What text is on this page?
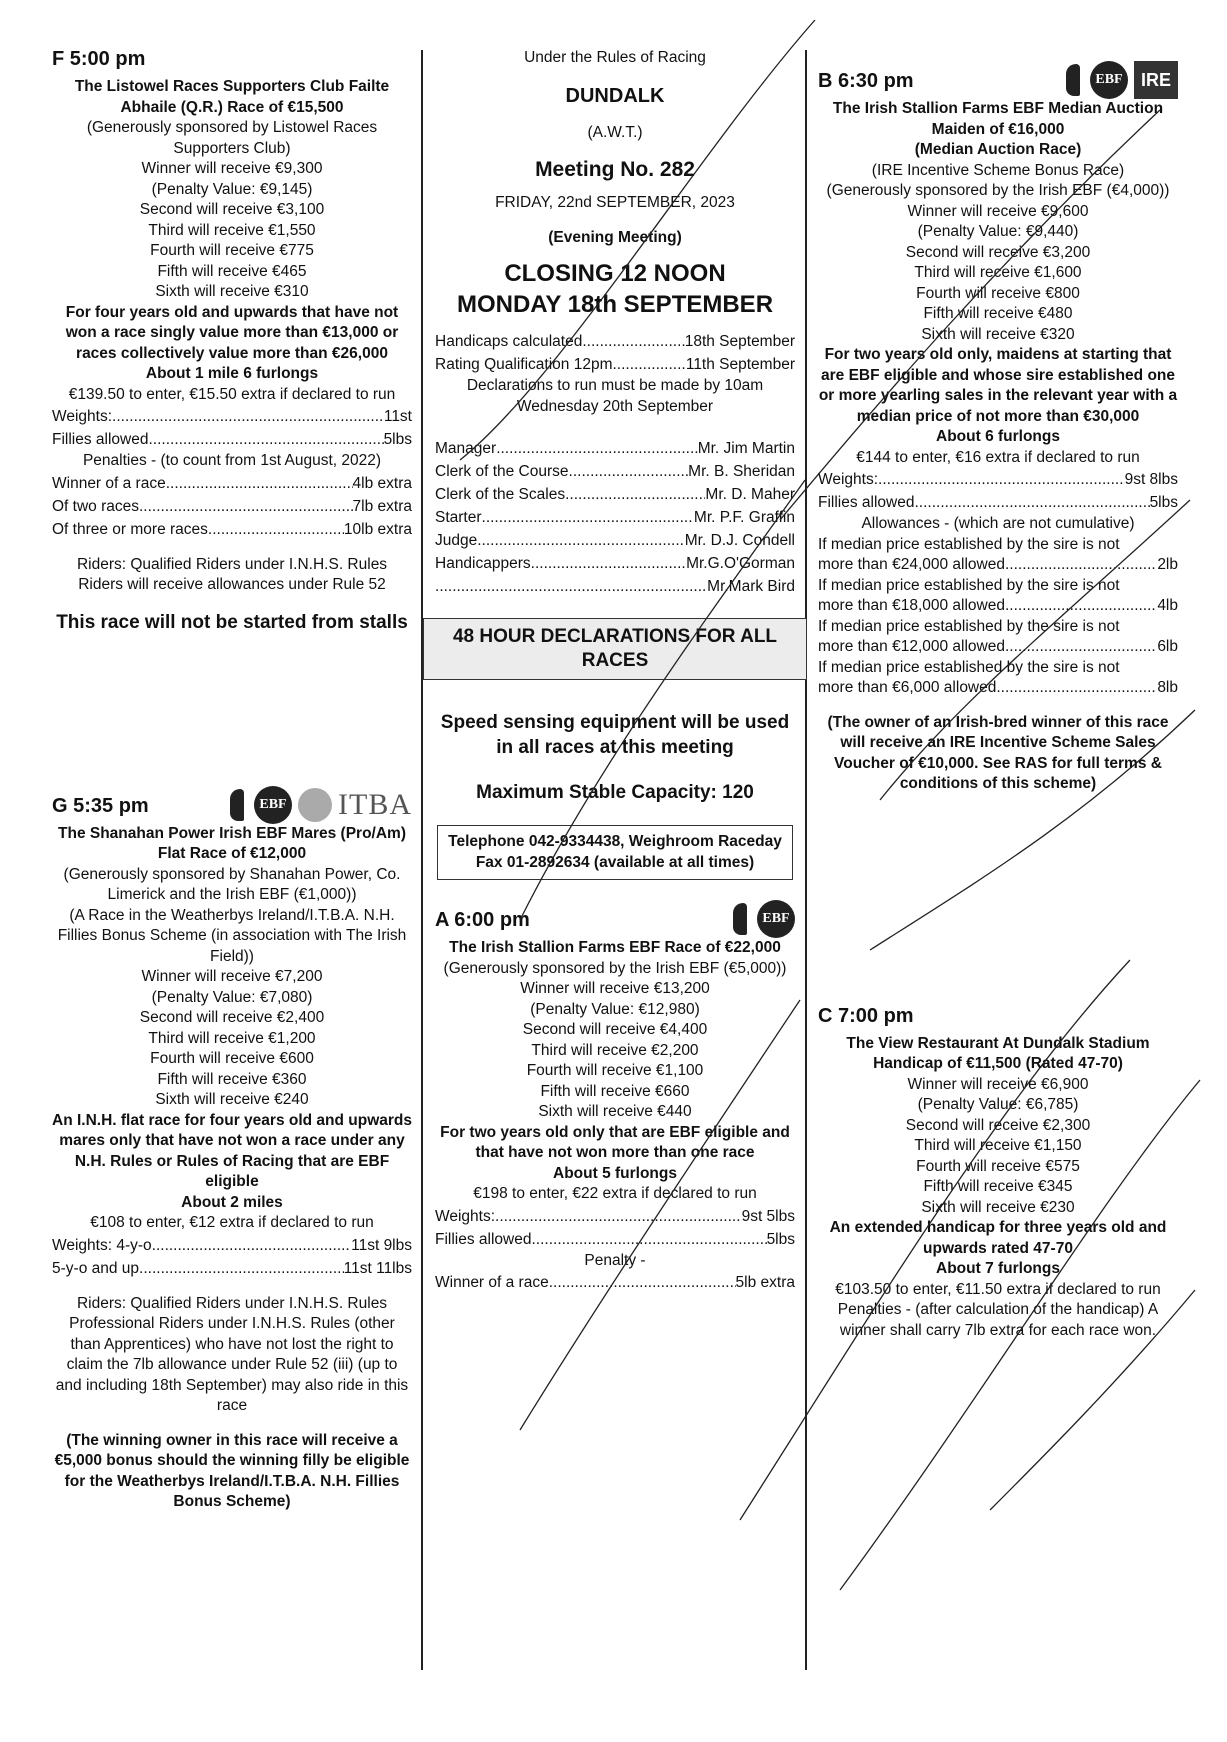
F 5:00 pm

The Listowel Races Supporters Club Failte Abhaile (Q.R.) Race of €15,500

(Generously sponsored by Listowel Races Supporters Club)

Winner will receive €9,300

(Penalty Value: €9,145)

Second will receive €3,100

Third will receive €1,550

Fourth will receive €775

Fifth will receive €465

Sixth will receive €310

For four years old and upwards that have not won a race singly value more than €13,000 or races collectively value more than €26,000

About 1 mile 6 furlongs

€139.50 to enter, €15.50 extra if declared to run

Weights: .....	11st
Fillies allowed .....	5lbs

Penalties - (to count from 1st August, 2022)

Winner of a race .....	4lb extra
Of two races .....	7lb extra
Of three or more races .....	10lb extra

Riders: Qualified Riders under I.N.H.S. Rules

Riders will receive allowances under Rule 52

This race will not be started from stalls

G 5:35 pm	EBF ITBA

The Shanahan Power Irish EBF Mares (Pro/Am) Flat Race of €12,000

(Generously sponsored by Shanahan Power, Co. Limerick and the Irish EBF (€1,000))

(A Race in the Weatherbys Ireland/I.T.B.A. N.H. Fillies Bonus Scheme (in association with The Irish Field))

Winner will receive €7,200

(Penalty Value: €7,080)

Second will receive €2,400

Third will receive €1,200

Fourth will receive €600

Fifth will receive €360

Sixth will receive €240

An I.N.H. flat race for four years old and upwards mares only that have not won a race under any N.H. Rules or Rules of Racing that are EBF eligible

About 2 miles

€108 to enter, €12 extra if declared to run

Weights: 4-y-o. .....	11st 9lbs
5-y-o and up .....	11st 11lbs

Riders: Qualified Riders under I.N.H.S. Rules Professional Riders under I.N.H.S. Rules (other than Apprentices) who have not lost the right to claim the 7lb allowance under Rule 52 (iii) (up to and including 18th September) may also ride in this race

(The winning owner in this race will receive a €5,000 bonus should the winning filly be eligible for the Weatherbys Ireland/I.T.B.A. N.H. Fillies Bonus Scheme)

Under the Rules of Racing

DUNDALK

(A.W.T.)

Meeting No. 282

FRIDAY, 22nd SEPTEMBER, 2023

(Evening Meeting)

CLOSING 12 NOON

MONDAY 18th SEPTEMBER

Handicaps calculated .....	18th September
Rating Qualification 12pm .....	11th September

Declarations to run must be made by 10am Wednesday 20th September

Manager .....	Mr. Jim Martin
Clerk of the Course .....	Mr. B. Sheridan
Clerk of the Scales .....	Mr. D. Maher
Starter .....	Mr. P.F. Graffin
Judge .....	Mr. D.J. Condell
Handicappers .....	Mr.G.O'Gorman
. .....	Mr.Mark Bird
48 HOUR DECLARATIONS FOR ALL RACES

Speed sensing equipment will be used in all races at this meeting

Maximum Stable Capacity: 120

Telephone 042-9334438, Weighroom Raceday Fax 01-2892634 (available at all times)
A 6:00 pm	EBF

The Irish Stallion Farms EBF Race of €22,000

(Generously sponsored by the Irish EBF (€5,000))

Winner will receive €13,200

(Penalty Value: €12,980)

Second will receive €4,400

Third will receive €2,200

Fourth will receive €1,100

Fifth will receive €660

Sixth will receive €440

For two years old only that are EBF eligible and that have not won more than one race

About 5 furlongs

€198 to enter, €22 extra if declared to run

Weights: .....	9st 5lbs
Fillies allowed .....	5lbs

Penalty -

Winner of a race .....	5lb extra
B 6:30 pm	EBF	IRE

The Irish Stallion Farms EBF Median Auction Maiden of €16,000

(Median Auction Race)

(IRE Incentive Scheme Bonus Race)

(Generously sponsored by the Irish EBF (€4,000))

Winner will receive €9,600

(Penalty Value: €9,440)

Second will receive €3,200

Third will receive €1,600

Fourth will receive €800

Fifth will receive €480

Sixth will receive €320

For two years old only, maidens at starting that are EBF eligible and whose sire established one or more yearling sales in the relevant year with a median price of not more than €30,000

About 6 furlongs

€144 to enter, €16 extra if declared to run

Weights: .....	9st 8lbs
Fillies allowed .....	5lbs

Allowances - (which are not cumulative)

If median price established by the sire is not

more than €24,000 allowed .....	2lb

If median price established by the sire is not

more than €18,000 allowed .....	4lb

If median price established by the sire is not

more than €12,000 allowed .....	6lb

If median price established by the sire is not

more than €6,000 allowed .....	8lb

(The owner of an Irish-bred winner of this race will receive an IRE Incentive Scheme Sales Voucher of €10,000. See RAS for full terms & conditions of this scheme)

C 7:00 pm

The View Restaurant At Dundalk Stadium Handicap of €11,500 (Rated 47-70)

Winner will receive €6,900

(Penalty Value: €6,785)

Second will receive €2,300

Third will receive €1,150

Fourth will receive €575

Fifth will receive €345

Sixth will receive €230

An extended handicap for three years old and upwards rated 47-70

About 7 furlongs

€103.50 to enter, €11.50 extra if declared to run

Penalties - (after calculation of the handicap) A winner shall carry 7lb extra for each race won.
